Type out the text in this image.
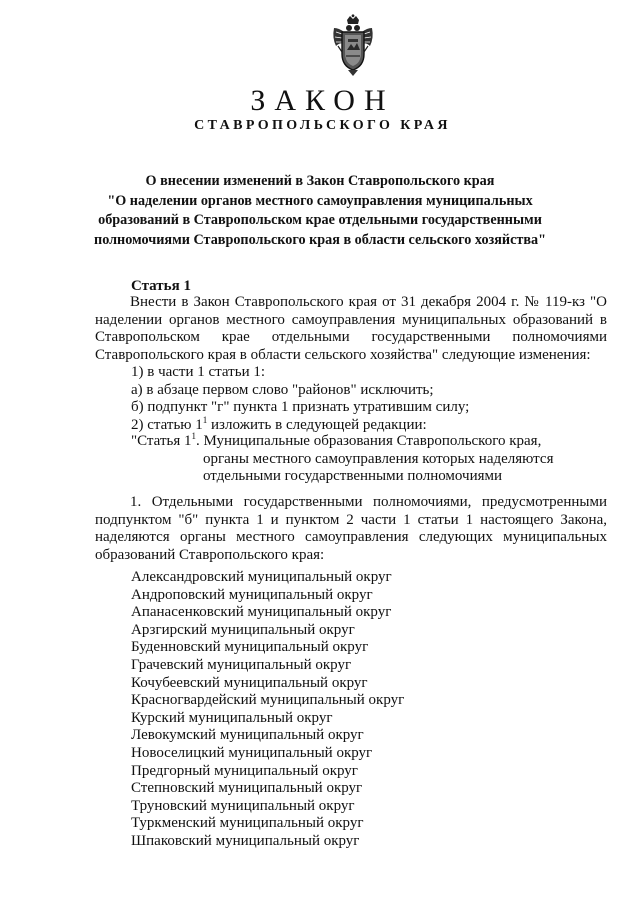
ЗАКОН
СТАВРОПОЛЬСКОГО КРАЯ
О внесении изменений в Закон Ставропольского края
"О наделении органов местного самоуправления муниципальных
образований в Ставропольском крае отдельными государственными
полномочиями Ставропольского края в области сельского хозяйства"
Статья 1
Внести в Закон Ставропольского края от 31 декабря 2004 г. № 119-кз "О наделении органов местного самоуправления муниципальных образований в Ставропольском крае отдельными государственными полномочиями Ставропольского края в области сельского хозяйства" следующие изменения:
1) в части 1 статьи 1:
а) в абзаце первом слово "районов" исключить;
б) подпункт "г" пункта 1 признать утратившим силу;
2) статью $1^1$ изложить в следующей редакции:
"Статья $1^1$. Муниципальные образования Ставропольского края,
органы местного самоуправления которых наделяются
отдельными государственными полномочиями
1. Отдельными государственными полномочиями, предусмотренными подпунктом "б" пункта 1 и пунктом 2 части 1 статьи 1 настоящего Закона, наделяются органы местного самоуправления следующих муниципальных образований Ставропольского края:
Александровский муниципальный округ
Андроповский муниципальный округ
Апанасенковский муниципальный округ
Арзгирский муниципальный округ
Буденновский муниципальный округ
Грачевский муниципальный округ
Кочубеевский муниципальный округ
Красногвардейский муниципальный округ
Курский муниципальный округ
Левокумский муниципальный округ
Новоселицкий муниципальный округ
Предгорный муниципальный округ
Степновский муниципальный округ
Труновский муниципальный округ
Туркменский муниципальный округ
Шпаковский муниципальный округ
